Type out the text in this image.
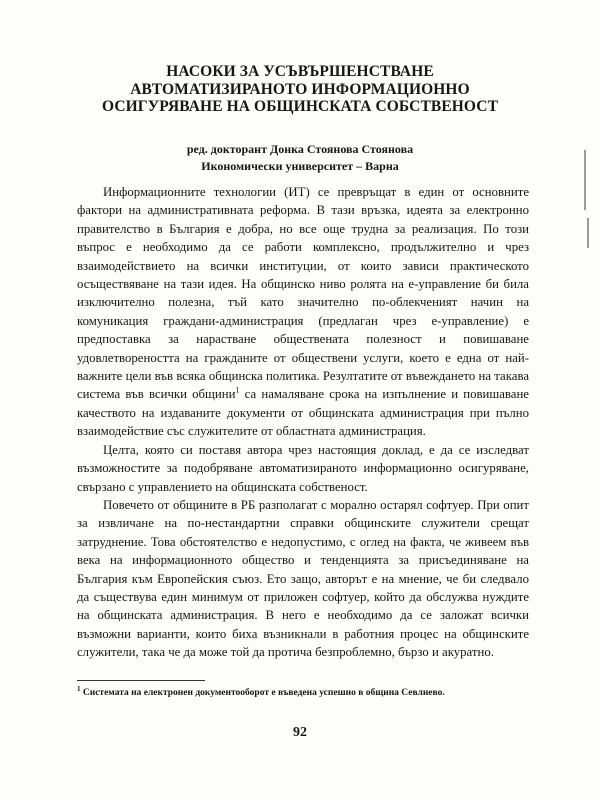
НАСОКИ ЗА УСЪВЪРШЕНСТВАНЕ
АВТОМАТИЗИРАНОТО ИНФОРМАЦИОННО
ОСИГУРЯВАНЕ НА ОБЩИНСКАТА СОБСТВЕНОСТ
ред. докторант Донка Стоянова Стоянова
Икономически университет – Варна

Информационните технологии (ИТ) се превръщат в един от основните фактори на административната реформа. В тази връзка, идеята за електронно правителство в България е добра, но все още трудна за реализация. По този въпрос е необходимо да се работи комплексно, продължително и чрез взаимодействието на всички институции, от които зависи практическото осъществяване на тази идея. На общинско ниво ролята на е-управление би била изключително полезна, тъй като значително по-облекченият начин на комуникация граждани-администрация (предлаган чрез е-управление) е предпоставка за нарастване обществената полезност и повишаване удовлетвореността на гражданите от обществени услуги, което е една от най-важните цели във всяка общинска политика. Резултатите от въвеждането на такава система във всички общини$^1$ са намаляване срока на изпълнение и повишаване качеството на издаваните документи от общинската администрация при пълно взаимодействие със служителите от областната администрация.

Целта, която си поставя автора чрез настоящия доклад, е да се изследват възможностите за подобряване автоматизираното информационно осигуряване, свързано с управлението на общинската собственост.

Повечето от общините в РБ разполагат с морално остарял софтуер. При опит за извличане на по-нестандартни справки общинските служители срещат затруднение. Това обстоятелство е недопустимо, с оглед на факта, че живеем във века на информационното общество и тенденцията за присъединяване на България към Европейския съюз. Ето защо, авторът е на мнение, че би следвало да съществува един минимум от приложен софтуер, който да обслужва нуждите на общинската администрация. В него е необходимо да се заложат всички възможни варианти, които биха възникнали в работния процес на общинските служители, така че да може той да протича безпроблемно, бързо и акуратно.

$^1$ Системата на електронен документооборот е въведена успешно в община Севлиево.
92
